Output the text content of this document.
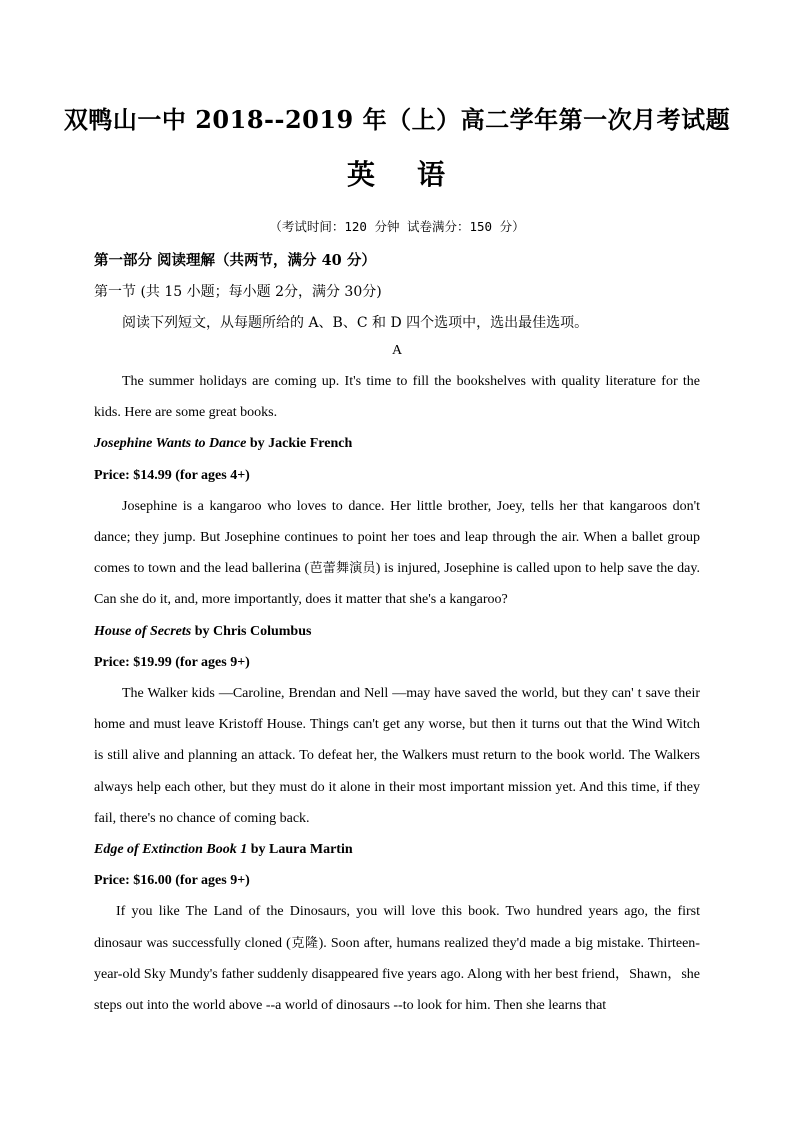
双鸭山一中 2018--2019 年（上）高二学年第一次月考试题
英 语
（考试时间：120 分钟 试卷满分：150 分）
第一部分 阅读理解（共两节，满分 40 分）
第一节 (共 15 小题；每小题 2分，满分 30分)
阅读下列短文，从每题所给的 A、B、C 和 D 四个选项中，选出最佳选项。
A

The summer holidays are coming up. It's time to fill the bookshelves with quality literature for the kids. Here are some great books.

Josephine Wants to Dance by Jackie French

Price: $14.99 (for ages 4+)

Josephine is a kangaroo who loves to dance. Her little brother, Joey, tells her that kangaroos don't dance; they jump. But Josephine continues to point her toes and leap through the air. When a ballet group comes to town and the lead ballerina (芭蕾舞演员) is injured, Josephine is called upon to help save the day. Can she do it, and, more importantly, does it matter that she's a kangaroo?

House of Secrets by Chris Columbus

Price: $19.99 (for ages 9+)

The Walker kids —Caroline, Brendan and Nell —may have saved the world, but they can' t save their home and must leave Kristoff House. Things can't get any worse, but then it turns out that the Wind Witch is still alive and planning an attack. To defeat her, the Walkers must return to the book world. The Walkers always help each other, but they must do it alone in their most important mission yet. And this time, if they fail, there's no chance of coming back.

Edge of Extinction Book 1 by Laura Martin

Price: $16.00 (for ages 9+)

If you like The Land of the Dinosaurs, you will love this book. Two hundred years ago, the first dinosaur was successfully cloned (克隆). Soon after, humans realized they'd made a big mistake. Thirteen-year-old Sky Mundy's father suddenly disappeared five years ago. Along with her best friend，Shawn，she steps out into the world above --a world of dinosaurs --to look for him. Then she learns that
